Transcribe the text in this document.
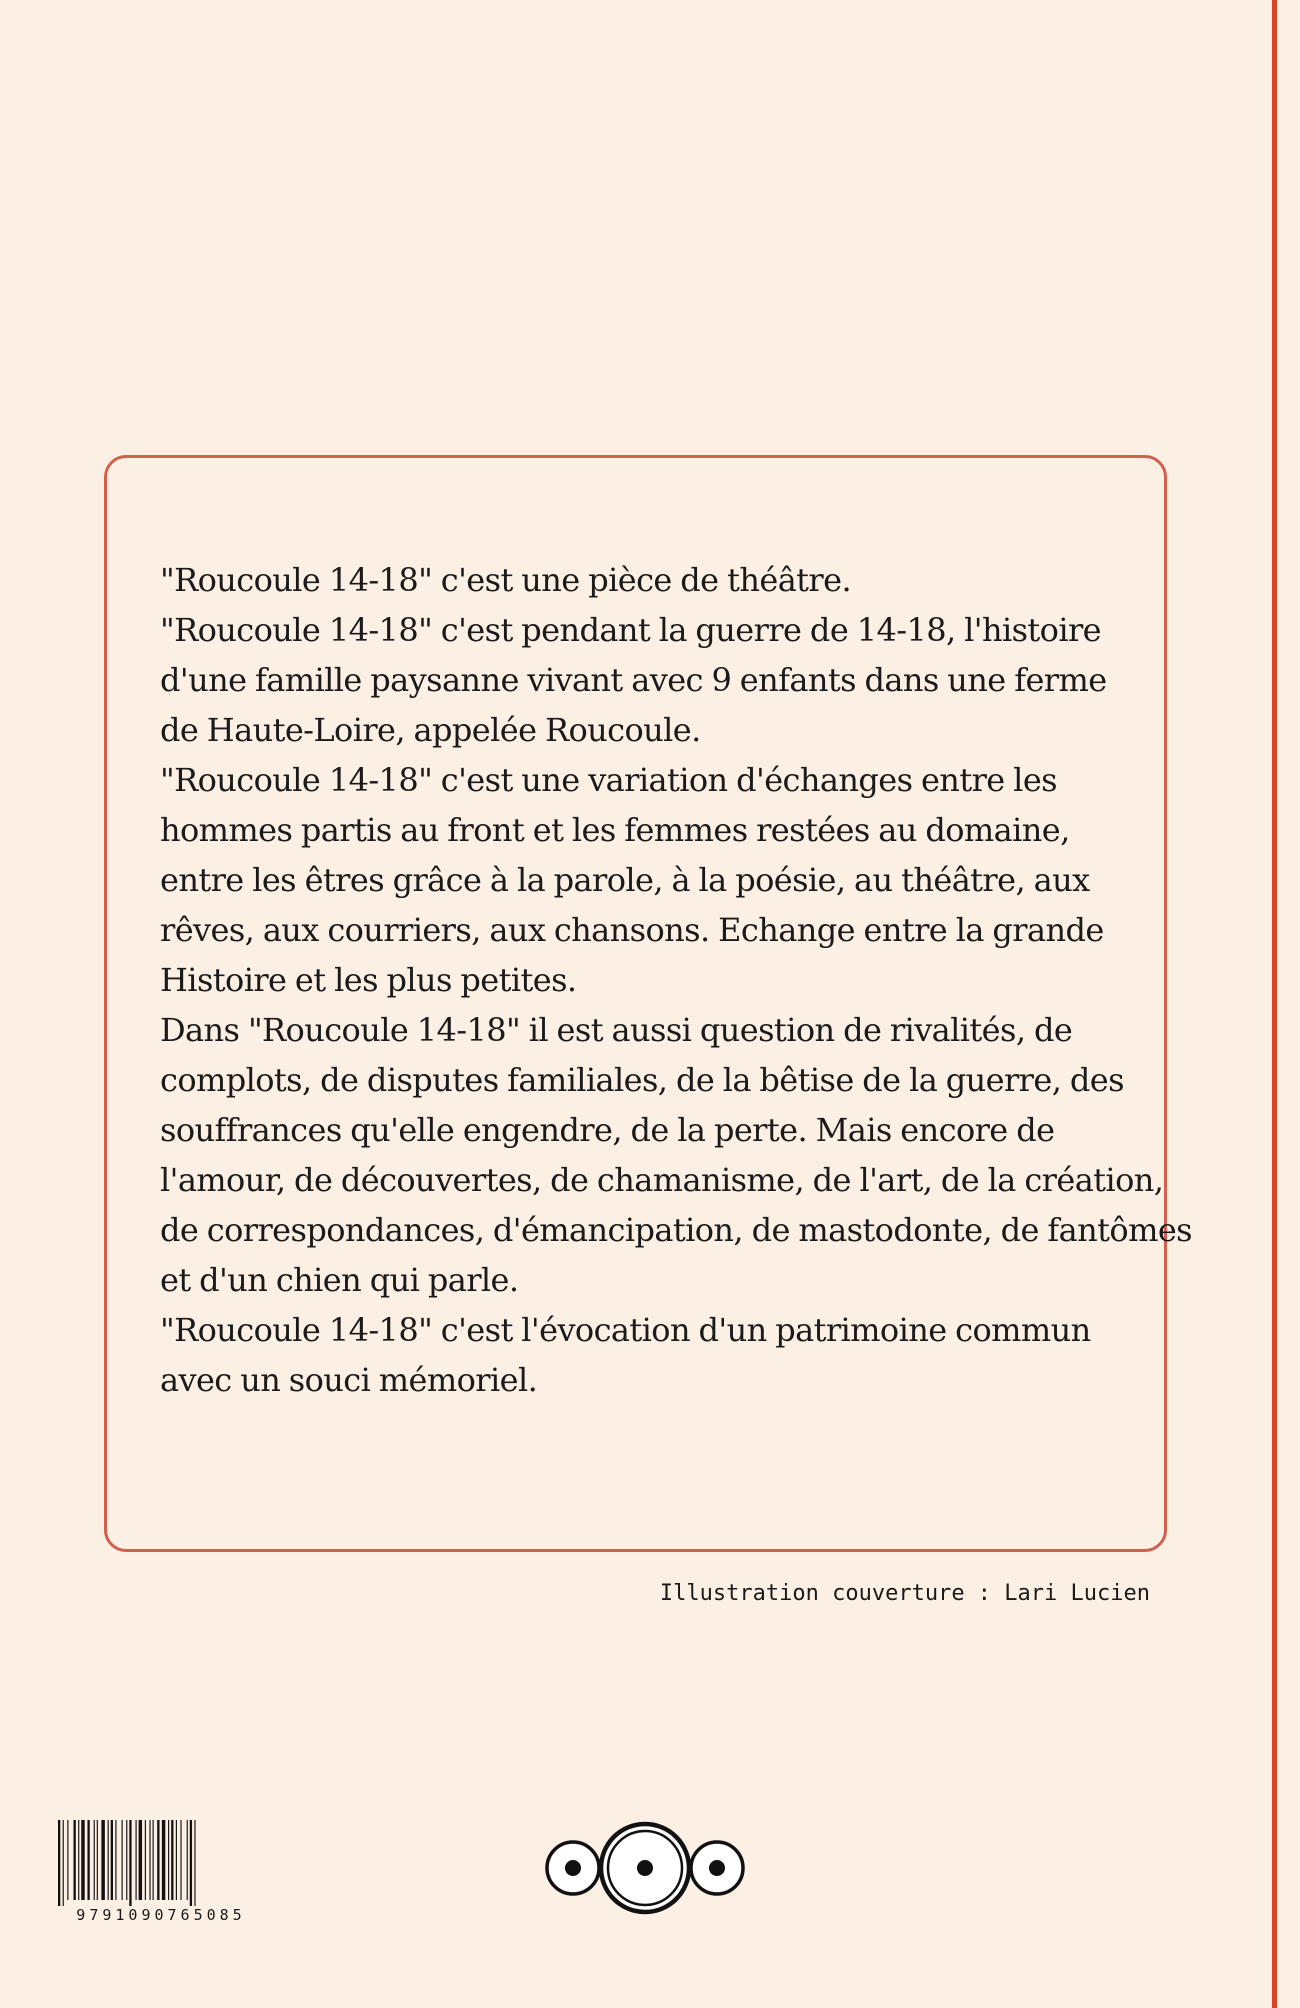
"Roucoule 14-18" c'est une pièce de théâtre.
"Roucoule 14-18" c'est pendant la guerre de 14-18, l'histoire
d'une famille paysanne vivant avec 9 enfants dans une ferme
de Haute-Loire, appelée Roucoule.
"Roucoule 14-18" c'est une variation d'échanges entre les
hommes partis au front et les femmes restées au domaine,
entre les êtres grâce à la parole, à la poésie, au théâtre, aux
rêves, aux courriers, aux chansons. Echange entre la grande
Histoire et les plus petites.
Dans "Roucoule 14-18" il est aussi question de rivalités, de
complots, de disputes familiales, de la bêtise de la guerre, des
souffrances qu'elle engendre, de la perte. Mais encore de
l'amour, de découvertes, de chamanisme, de l'art, de la création,
de correspondances, d'émancipation, de mastodonte, de fantômes
et d'un chien qui parle.
"Roucoule 14-18" c'est l'évocation d'un patrimoine commun
avec un souci mémoriel.

Illustration couverture : Lari Lucien
9791090765085
